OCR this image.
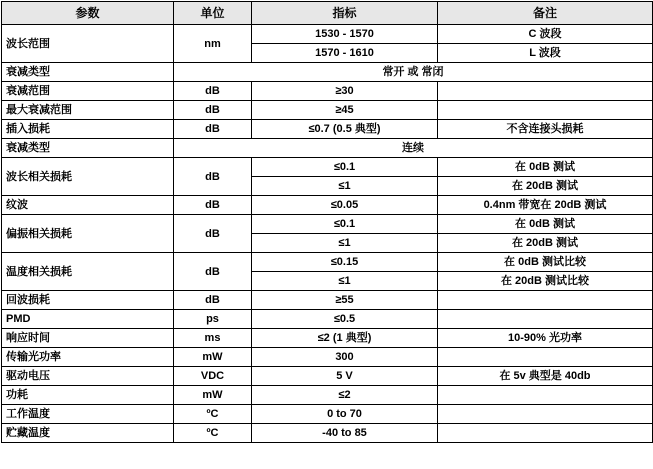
参数	单位	指标	备注
波长范围	nm	1530 - 1570	C 波段
		1570 - 1610	L 波段
衰减类型	常开 或 常闭		
衰减范围	dB	≥30	
最大衰减范围	dB	≥45	
插入损耗	dB	≤0.7 (0.5 典型)	不含连接头损耗
衰减类型	连续		
波长相关损耗	dB	≤0.1	在 0dB 测试
		≤1	在 20dB 测试
纹波	dB	≤0.05	0.4nm 带宽在 20dB 测试
偏振相关损耗	dB	≤0.1	在 0dB 测试
		≤1	在 20dB 测试
温度相关损耗	dB	≤0.15	在 0dB 测试比较
		≤1	在 20dB 测试比较
回波损耗	dB	≥55	
PMD	ps	≤0.5	
响应时间	ms	≤2 (1 典型)	10-90% 光功率
传输光功率	mW	300	
驱动电压	VDC	5 V	在 5v 典型是 40db
功耗	mW	≤2	
工作温度	ºC	0 to 70	
贮藏温度	ºC	-40 to 85	
